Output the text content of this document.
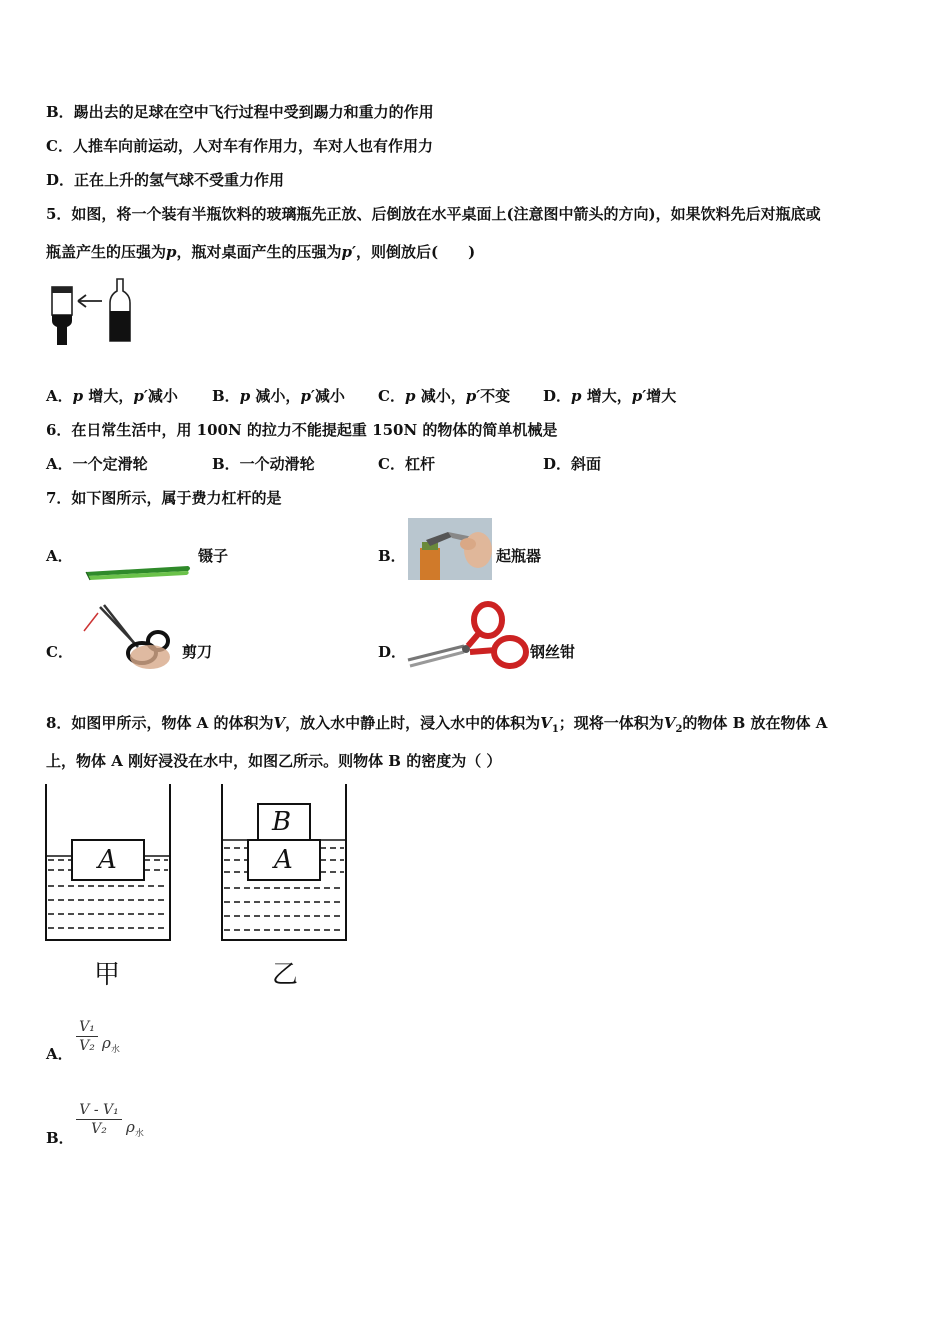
B．踢出去的足球在空中飞行过程中受到踢力和重力的作用
C．人推车向前运动，人对车有作用力，车对人也有作用力
D．正在上升的氢气球不受重力作用
5．如图，将一个装有半瓶饮料的玻璃瓶先正放、后倒放在水平桌面上(注意图中箭头的方向)，如果饮料先后对瓶底或
瓶盖产生的压强为p，瓶对桌面产生的压强为p′，则倒放后(　　)
A．p 增大，p′减小 B．p 减小，p′减小 C．p 减小，p′不变 D．p 增大，p′增大
6．在日常生活中，用 100N 的拉力不能提起重 150N 的物体的简单机械是
A．一个定滑轮	B．一个动滑轮	C．杠杆	D．斜面
7．如下图所示，属于费力杠杆的是
A．	镊子	B．	起瓶器
C．	剪刀	D．	钢丝钳
8．如图甲所示，物体 A 的体积为V，放入水中静止时，浸入水中的体积为$V_1$；现将一体积为$V_2$的物体 B 放在物体 A
上，物体 A 刚好浸没在水中，如图乙所示。则物体 B 的密度为（ ）
A
甲
B
A
乙
A．
V₁
V₂ $\rho_水$
B．
V - V₁
V₂	$\rho_水$
